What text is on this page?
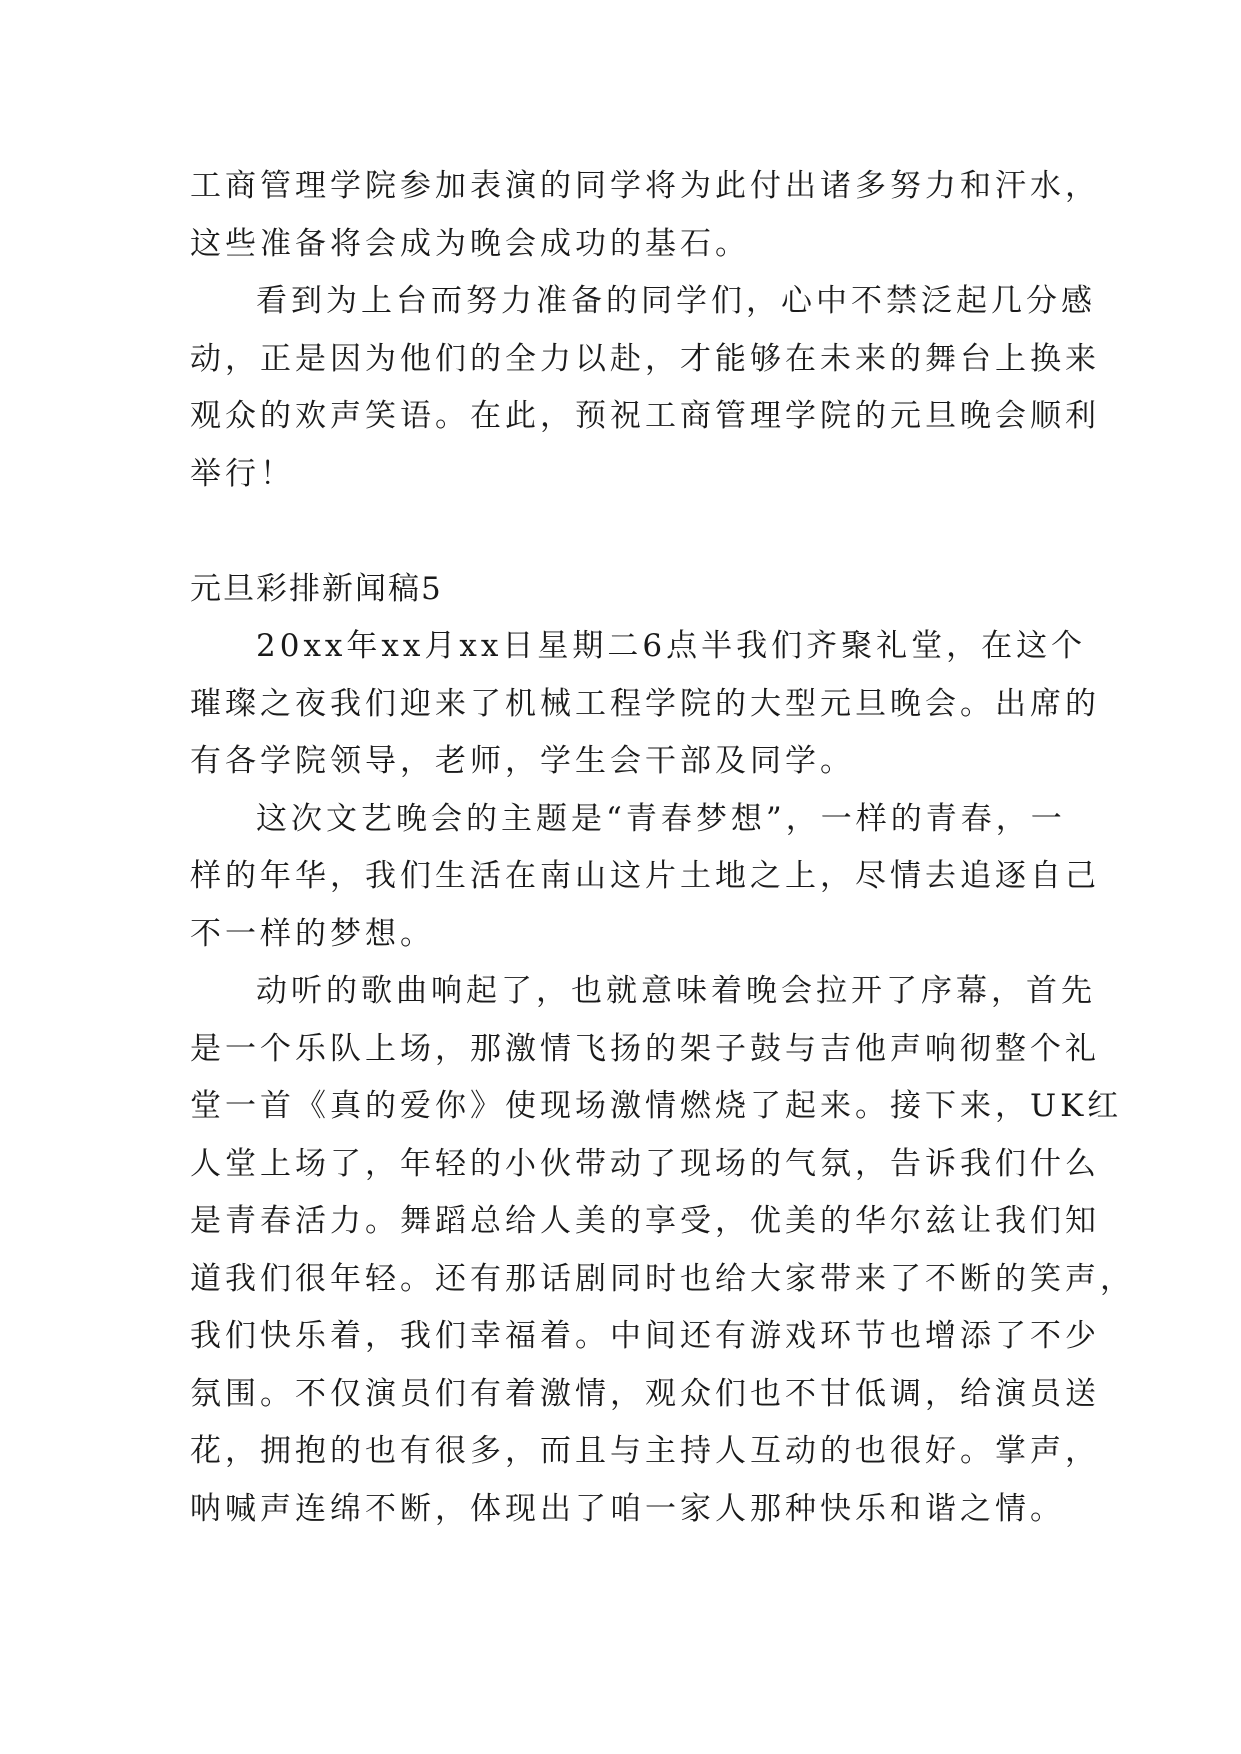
工商管理学院参加表演的同学将为此付出诸多努力和汗水，
这些准备将会成为晚会成功的基石。
看到为上台而努力准备的同学们，心中不禁泛起几分感
动，正是因为他们的全力以赴，才能够在未来的舞台上换来
观众的欢声笑语。在此，预祝工商管理学院的元旦晚会顺利
举行！
元旦彩排新闻稿5
20xx年xx月xx日星期二6点半我们齐聚礼堂，在这个
璀璨之夜我们迎来了机械工程学院的大型元旦晚会。出席的
有各学院领导，老师，学生会干部及同学。
这次文艺晚会的主题是“青春梦想”，一样的青春，一
样的年华，我们生活在南山这片土地之上，尽情去追逐自己
不一样的梦想。
动听的歌曲响起了，也就意味着晚会拉开了序幕，首先
是一个乐队上场，那激情飞扬的架子鼓与吉他声响彻整个礼
堂一首《真的爱你》使现场激情燃烧了起来。接下来，UK红
人堂上场了，年轻的小伙带动了现场的气氛，告诉我们什么
是青春活力。舞蹈总给人美的享受，优美的华尔兹让我们知
道我们很年轻。还有那话剧同时也给大家带来了不断的笑声，
我们快乐着，我们幸福着。中间还有游戏环节也增添了不少
氛围。不仅演员们有着激情，观众们也不甘低调，给演员送
花，拥抱的也有很多，而且与主持人互动的也很好。掌声，
呐喊声连绵不断，体现出了咱一家人那种快乐和谐之情。
